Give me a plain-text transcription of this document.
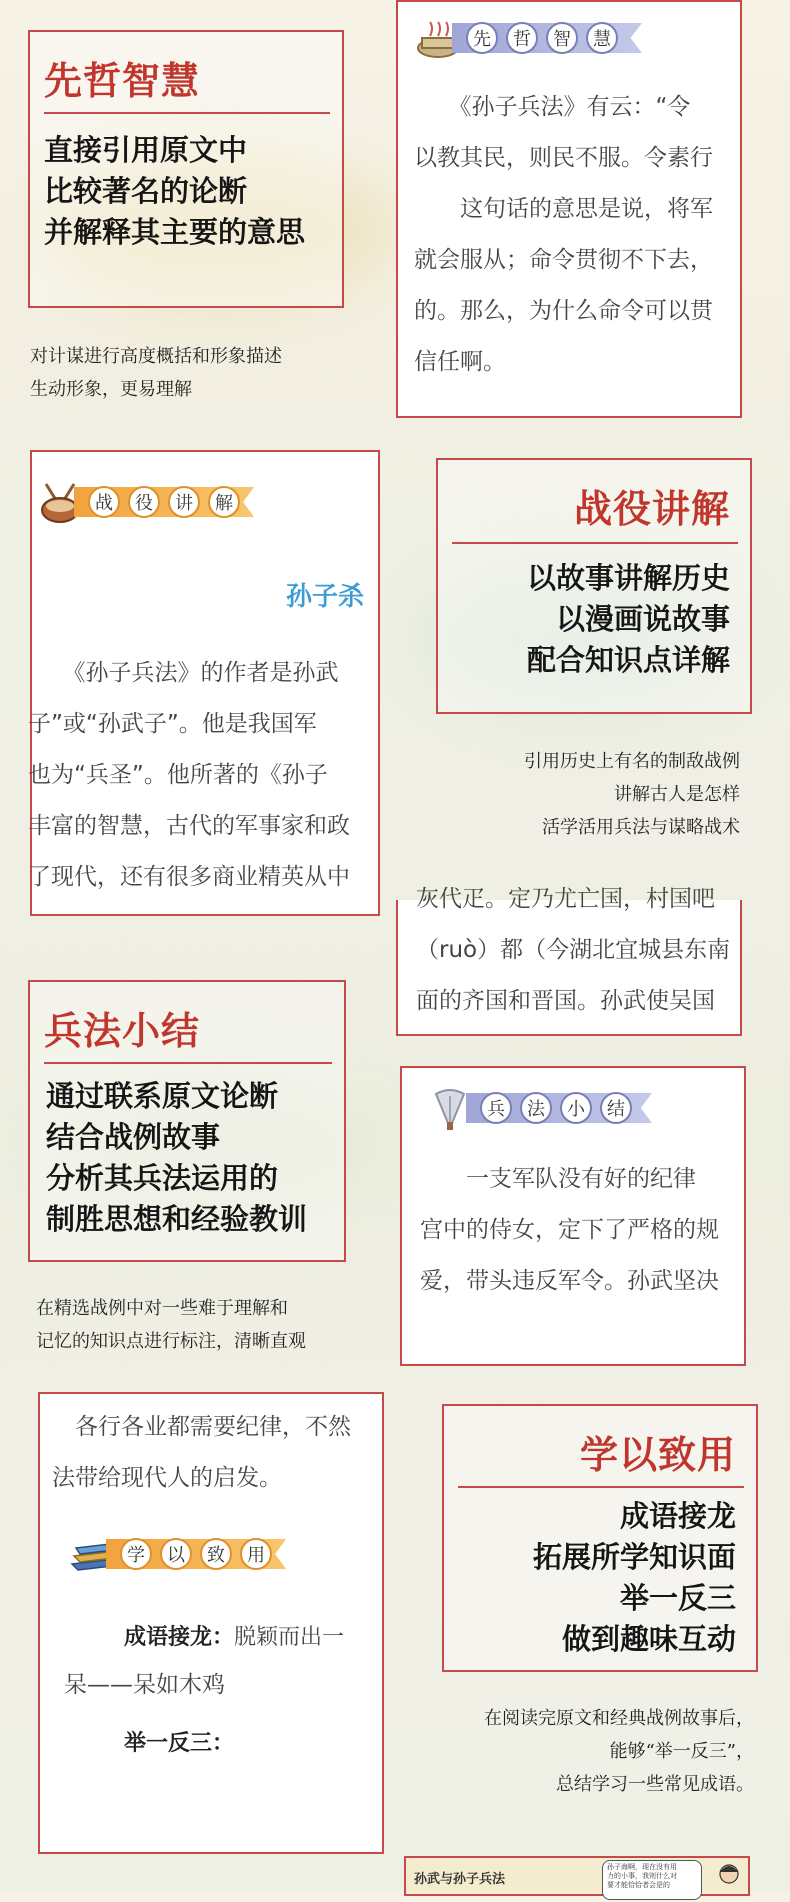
先哲智慧
直接引用原文中
比较著名的论断
并解释其主要的意思
对计谋进行高度概括和形象描述
生动形象，更易理解
先	哲	智	慧
　　《孙子兵法》有云：“令
以教其民，则民不服。令素行
　　这句话的意思是说，将军
就会服从；命令贯彻不下去，
的。那么，为什么命令可以贯
信任啊。
战	役	讲	解
孙子杀
　　《孙子兵法》的作者是孙武
子”或“孙武子”。他是我国军
也为“兵圣”。他所著的《孙子
丰富的智慧，古代的军事家和政
了现代，还有很多商业精英从中
战役讲解
以故事讲解历史
以漫画说故事
配合知识点详解
引用历史上有名的制敌战例
讲解古人是怎样
活学活用兵法与谋略战术
灰代疋。定乃尤亡国，村国吧
（ruò）都（今湖北宜城县东南
面的齐国和晋国。孙武使吴国
兵法小结
通过联系原文论断
结合战例故事
分析其兵法运用的
制胜思想和经验教训
在精选战例中对一些难于理解和
记忆的知识点进行标注，清晰直观
兵	法	小	结
　　一支军队没有好的纪律
宫中的侍女，定下了严格的规
爱，带头违反军令。孙武坚决
　各行各业都需要纪律，不然
法带给现代人的启发。
学	以	致	用
成语接龙：脱颖而出一
呆——呆如木鸡
举一反三：
学以致用
成语接龙
拓展所学知识面
举一反三
做到趣味互动
在阅读完原文和经典战例故事后，
能够“举一反三”，
总结学习一些常见成语。
孙武与孙子兵法
孙子海啊，现在没有用
力的小事，我则什么对
要才能恰恰者会是的
